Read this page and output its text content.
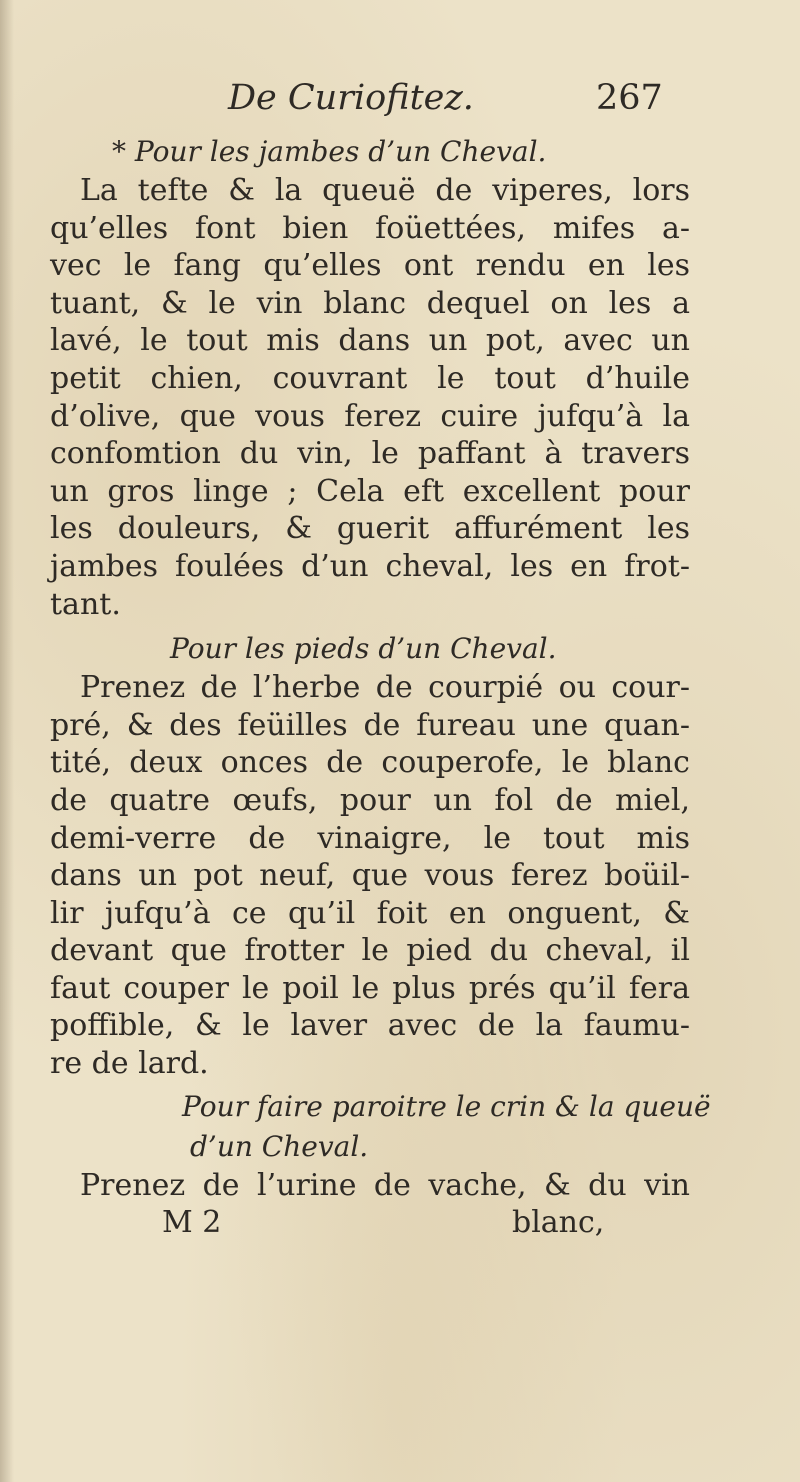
De Curiofitez.	267
* Pour les jambes d’un Cheval.
La tefte & la queuë de viperes, lors
qu’elles font bien foüettées, mifes a-
vec le fang qu’elles ont rendu en les
tuant, & le vin blanc dequel on les a
lavé, le tout mis dans un pot, avec un
petit chien, couvrant le tout d’huile
d’olive, que vous ferez cuire jufqu’à la
confomtion du vin, le paffant à travers
un gros linge ; Cela eft excellent pour
les douleurs, & guerit affurément les
jambes foulées d’un cheval, les en frot-
tant.
Pour les pieds d’un Cheval.
Prenez de l’herbe de courpié ou cour-
pré, & des feüilles de fureau une quan-
tité, deux onces de couperofe, le blanc
de quatre œufs, pour un fol de miel,
demi-verre de vinaigre, le tout mis
dans un pot neuf, que vous ferez boüil-
lir jufqu’à ce qu’il foit en onguent, &
devant que frotter le pied du cheval, il
faut couper le poil le plus prés qu’il fera
poffible, & le laver avec de la faumu-
re de lard.
Pour faire paroitre le crin & la queuë
d’un Cheval.
Prenez de l’urine de vache, & du vin
M 2	blanc,
